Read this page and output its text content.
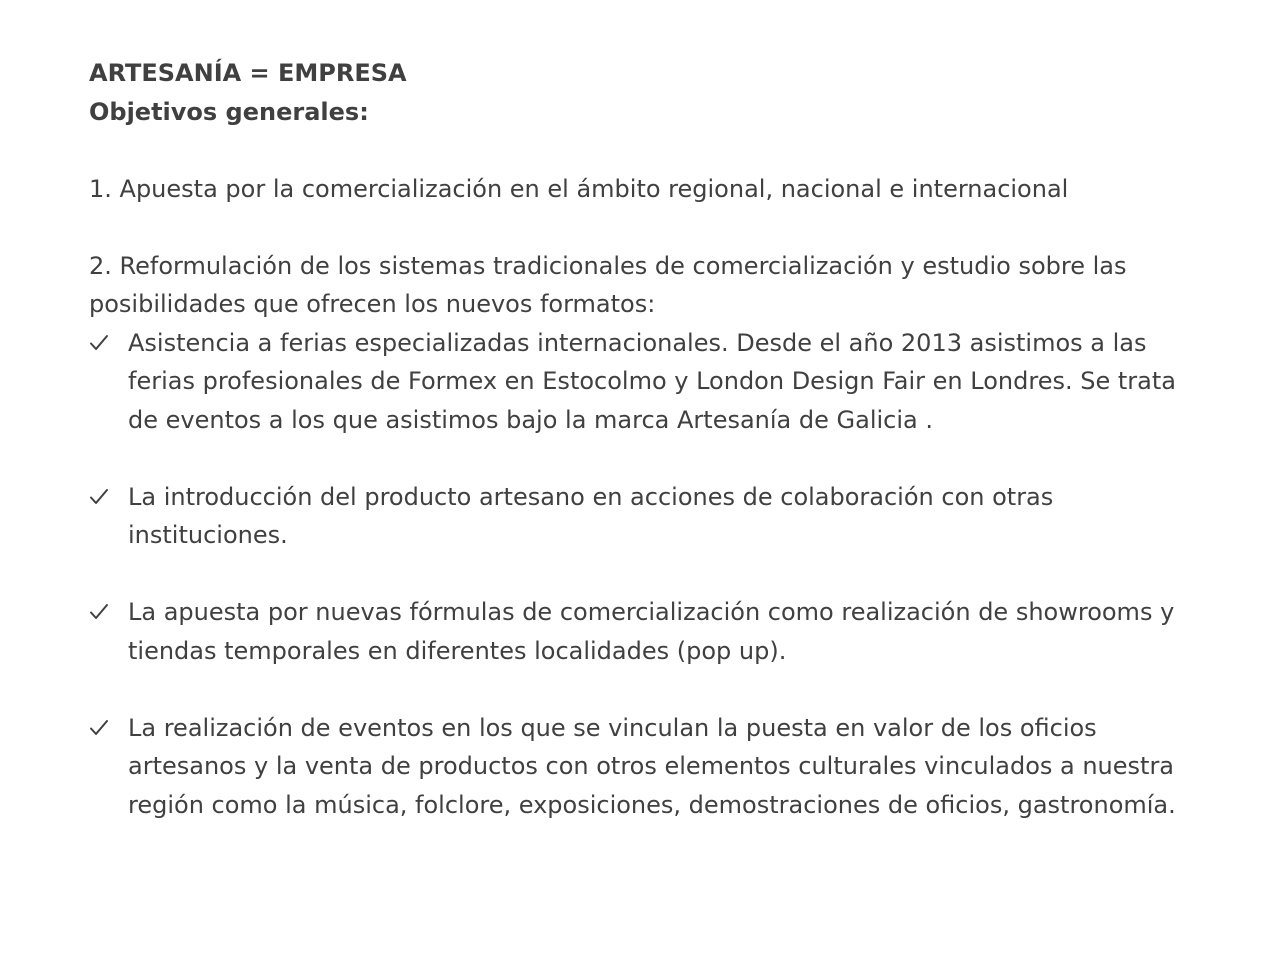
ARTESANÍA = EMPRESA

Objetivos generales:

1. Apuesta por la comercialización en el ámbito regional, nacional e internacional

2. Reformulación de los sistemas tradicionales de comercialización y estudio sobre las posibilidades que ofrecen los nuevos formatos:

Asistencia a ferias especializadas internacionales. Desde el año 2013 asistimos a las ferias profesionales de Formex en Estocolmo y London Design Fair en Londres. Se trata de eventos a los que asistimos bajo la marca Artesanía de Galicia .
La introducción del producto artesano en acciones de colaboración con otras instituciones.
La apuesta por nuevas fórmulas de comercialización como realización de showrooms y tiendas temporales en diferentes localidades (pop up).
La realización de eventos en los que se vinculan la puesta en valor de los oficios artesanos y la venta de productos con otros elementos culturales vinculados a nuestra región como la música, folclore, exposiciones, demostraciones de oficios, gastronomía.
